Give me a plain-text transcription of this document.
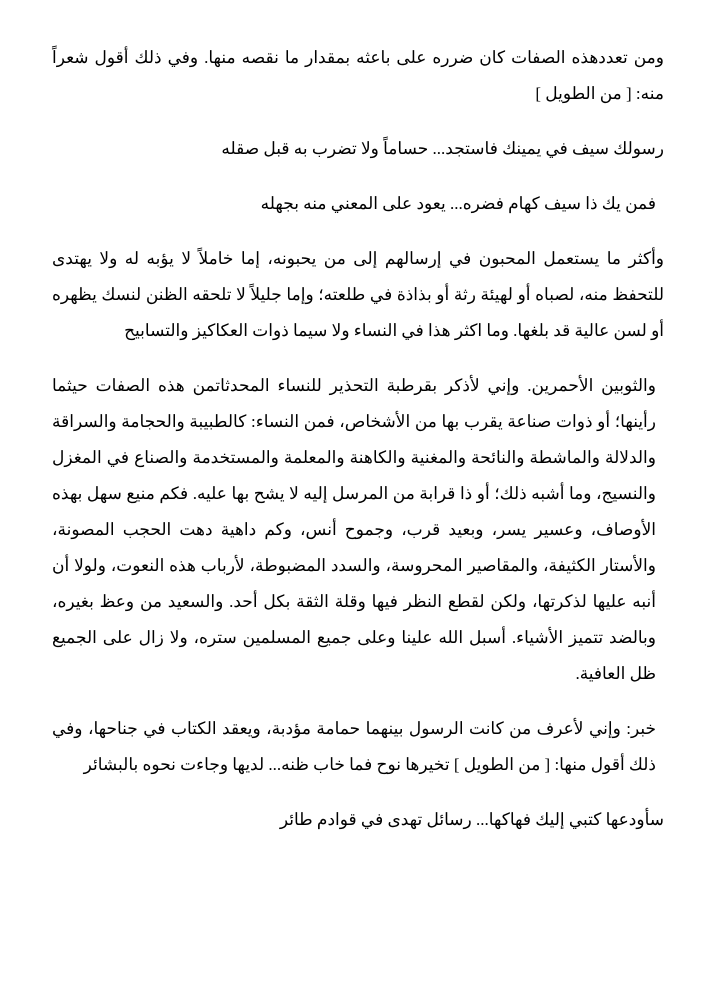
ومن تعددهذه الصفات كان ضرره على باعثه بمقدار ما نقصه منها. وفي ذلك أقول شعراً منه: [ من الطويل ]

رسولك سيف في يمينك فاستجد... حساماً ولا تضرب به قبل صقله

فمن يك ذا سيف كهام فضره... يعود على المعني منه بجهله

وأكثر ما يستعمل المحبون في إرسالهم إلى من يحبونه، إما خاملاً لا يؤبه له ولا يهتدى للتحفظ منه، لصباه أو لهيئة رثة أو بذاذة في طلعته؛ وإما جليلاً لا تلحقه الظنن لنسك يظهره أو لسن عالية قد بلغها. وما اكثر هذا في النساء ولا سيما ذوات العكاكيز والتسابيح

والثوبين الأحمرين. وإني لأذكر بقرطبة التحذير للنساء المحدثاتمن هذه الصفات حيثما رأينها؛ أو ذوات صناعة يقرب بها من الأشخاص، فمن النساء: كالطبيبة والحجامة والسراقة والدلالة والماشطة والنائحة والمغنية والكاهنة والمعلمة والمستخدمة والصناع في المغزل والنسيج، وما أشبه ذلك؛ أو ذا قرابة من المرسل إليه لا يشح بها عليه. فكم منيع سهل بهذه الأوصاف، وعسير يسر، وبعيد قرب، وجموح أنس، وكم داهية دهت الحجب المصونة، والأستار الكثيفة، والمقاصير المحروسة، والسدد المضبوطة، لأرباب هذه النعوت، ولولا أن أنبه عليها لذكرتها، ولكن لقطع النظر فيها وقلة الثقة بكل أحد. والسعيد من وعظ بغيره، وبالضد تتميز الأشياء. أسبل الله علينا وعلى جميع المسلمين ستره، ولا زال على الجميع ظل العافية.

خبر: وإني لأعرف من كانت الرسول بينهما حمامة مؤدبة، ويعقد الكتاب في جناحها، وفي ذلك أقول منها: [ من الطويل ] تخيرها نوح فما خاب ظنه... لديها وجاءت نحوه بالبشائر

سأودعها كتبي إليك فهاكها... رسائل تهدى في قوادم طائر
